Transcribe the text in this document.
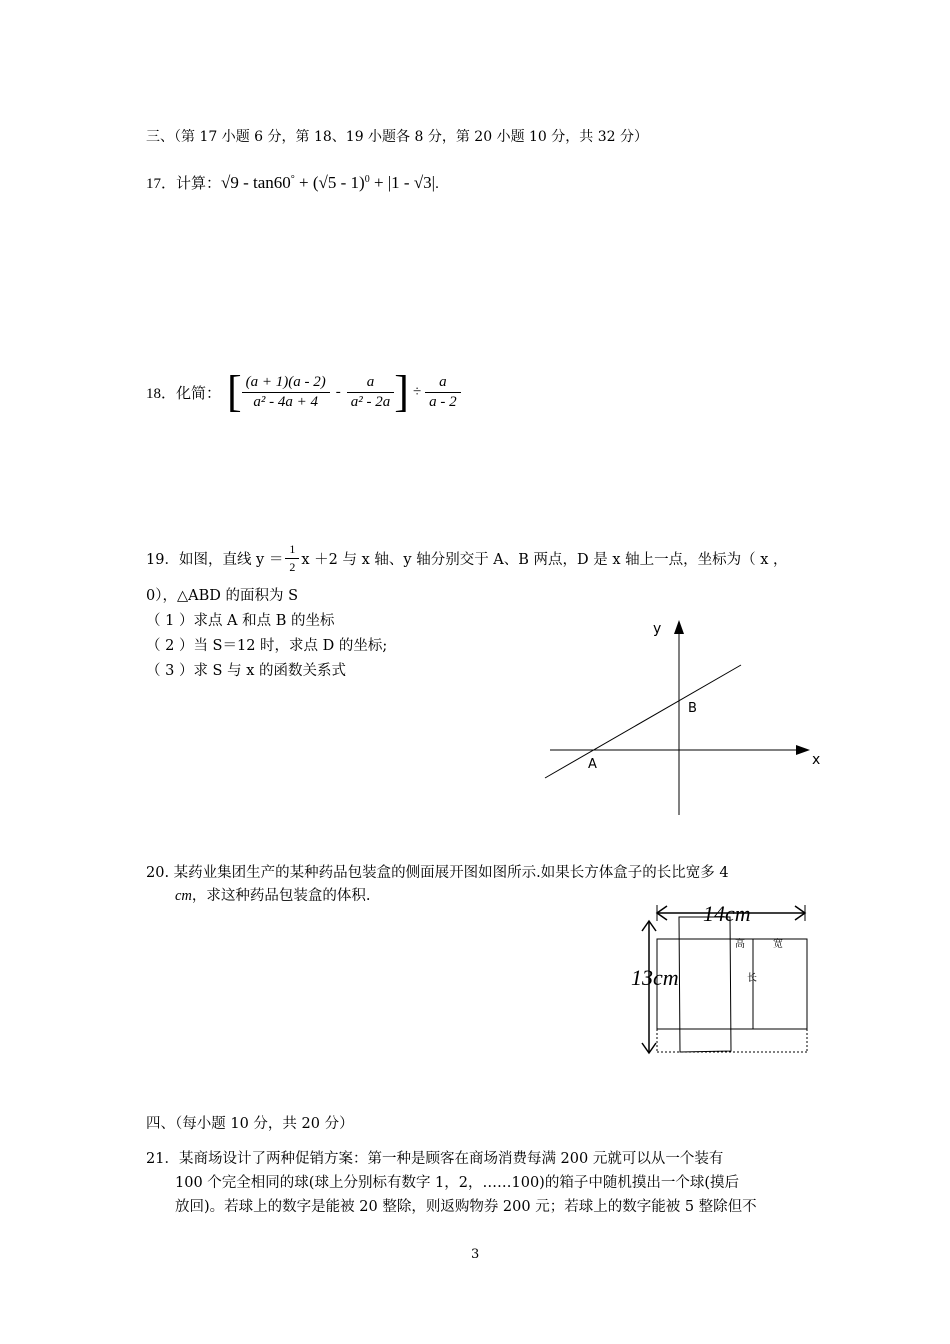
三、（第 17 小题 6 分，第 18、19 小题各 8 分，第 20 小题 10 分，共 32 分）
17．计算：√9 - tan60° + (√5 - 1)$^0$ + |1 - √3|.
18．化简： [ $\frac{(a + 1)(a - 2)}{\text{a² - 4a + 4}} - \frac{a}{\text{a² - 2a}}$ ] ÷ $\frac{a}{a - 2}$
19．如图，直线 $y = \frac{1}{2}$ x ＋2 与 x 轴、y 轴分别交于 A、B 两点，D 是 x 轴上一点，坐标为（ x ，
0），△ABD 的面积为 S
（ 1 ）求点 A 和点 B 的坐标
（ 2 ）当 S＝12 时，求点 D 的坐标;
（ 3 ）求 S 与 x 的函数关系式
x
y
A
B
20. 某药业集团生产的某种药品包装盒的侧面展开图如图所示.如果长方体盒子的长比宽多 4
cm，求这种药品包装盒的体积.
14cm
13cm
高	宽
长
四、（每小题 10 分，共 20 分）
21．某商场设计了两种促销方案：第一种是顾客在商场消费每满 200 元就可以从一个装有
100 个完全相同的球(球上分别标有数字 1，2，……100)的箱子中随机摸出一个球(摸后
放回)。若球上的数字是能被 20 整除，则返购物券 200 元；若球上的数字能被 5 整除但不
3
